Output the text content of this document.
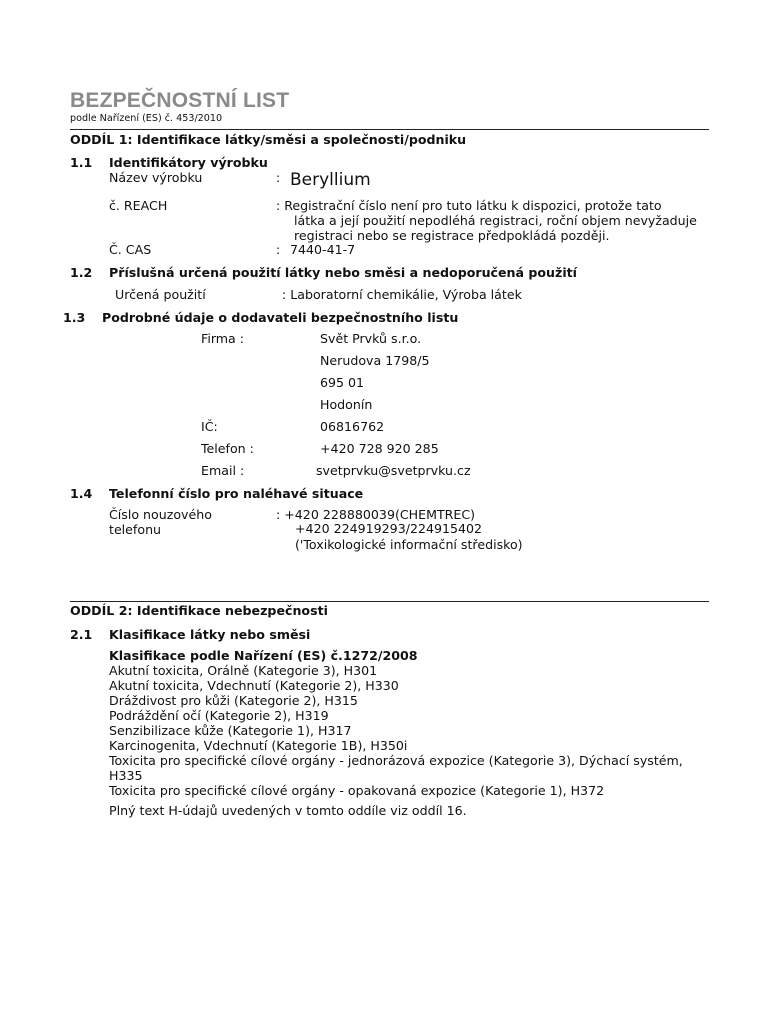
BEZPEČNOSTNÍ LIST
podle Nařízení (ES) č. 453/2010
ODDÍL 1: Identifikace látky/směsi a společnosti/podniku
1.1 Identifikátory výrobku
Název výrobku	: Beryllium
č. REACH	: Registrační číslo není pro tuto látku k dispozici, protože tato
látka a její použití nepodléhá registraci, roční objem nevyžaduje
registraci nebo se registrace předpokládá později.
Č. CAS	: 7440-41-7
1.2 Příslušná určená použití látky nebo směsi a nedoporučená použití
Určená použití	: Laboratorní chemikálie, Výroba látek
1.3 Podrobné údaje o dodavateli bezpečnostního listu
Firma :	Svět Prvků s.r.o.
Nerudova 1798/5
695 01
Hodonín
IČ:	06816762
Telefon :	+420 728 920 285
Email :	svetprvku@svetprvku.cz
1.4 Telefonní číslo pro naléhavé situace
Číslo nouzového
telefonu
: +420 228880039(CHEMTREC)
+420 224919293/224915402
('Toxikologické informační středisko)
ODDÍL 2: Identifikace nebezpečnosti
2.1 Klasifikace látky nebo směsi
Klasifikace podle Nařízení (ES) č.1272/2008
Akutní toxicita, Orálně (Kategorie 3), H301
Akutní toxicita, Vdechnutí (Kategorie 2), H330
Dráždivost pro kůži (Kategorie 2), H315
Podráždění očí (Kategorie 2), H319
Senzibilizace kůže (Kategorie 1), H317
Karcinogenita, Vdechnutí (Kategorie 1B), H350i
Toxicita pro specifické cílové orgány - jednorázová expozice (Kategorie 3), Dýchací systém,
H335
Toxicita pro specifické cílové orgány - opakovaná expozice (Kategorie 1), H372
Plný text H-údajů uvedených v tomto oddíle viz oddíl 16.
